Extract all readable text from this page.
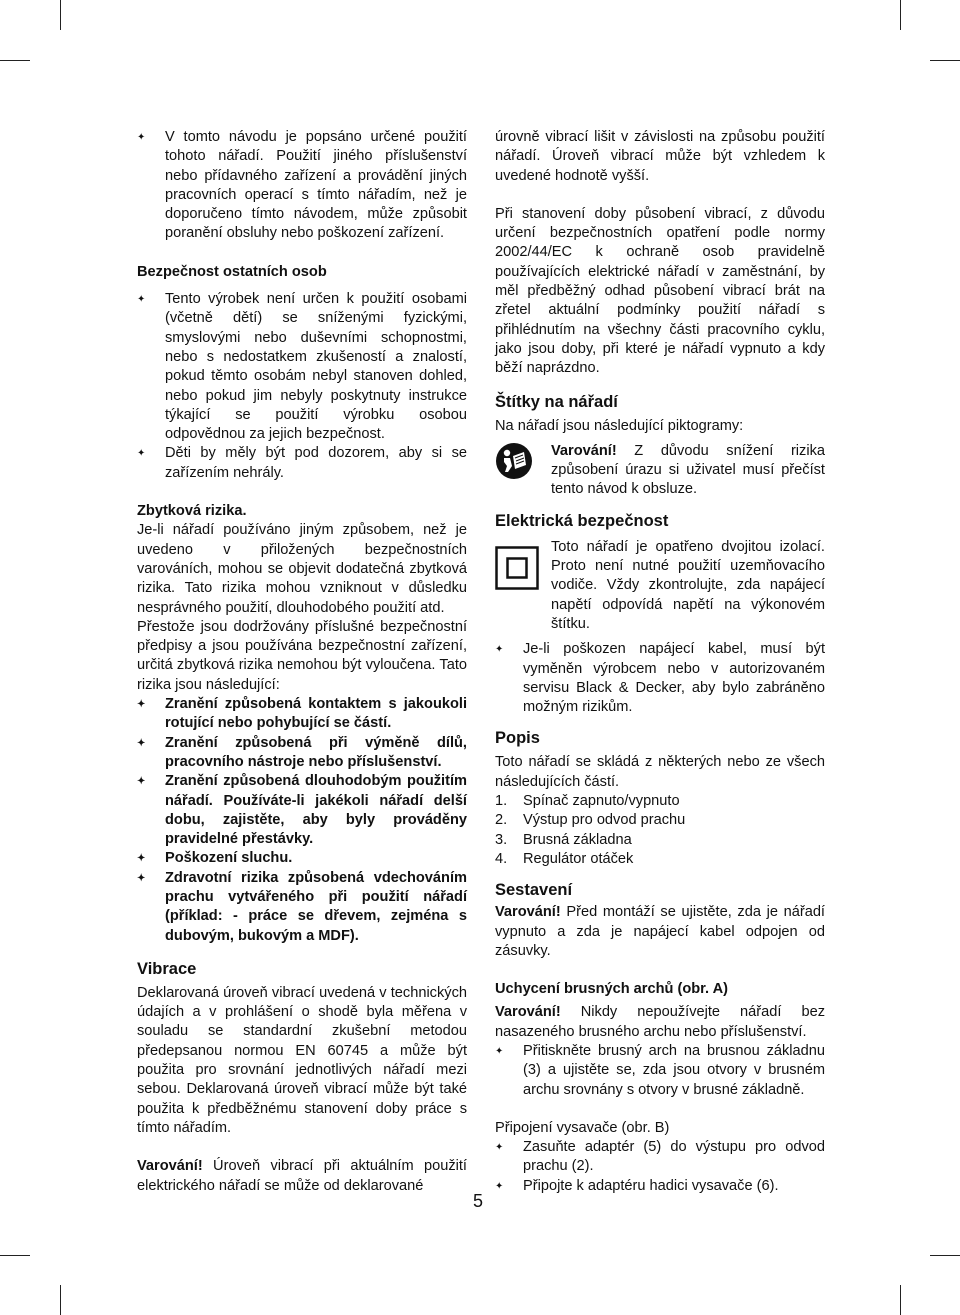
✦ V tomto návodu je popsáno určené použití tohoto nářadí. Použití jiného příslušenství nebo přídavného zařízení a provádění jiných pracovních operací s tímto nářadím, než je doporučeno tímto návodem, může způsobit poranění obsluhy nebo poškození zařízení.

Bezpečnost ostatních osob

✦ Tento výrobek není určen k použití osobami (včetně dětí) se sníženými fyzickými, smyslovými nebo duševními schopnostmi, nebo s nedostatkem zkušeností a znalostí, pokud těmto osobám nebyl stanoven dohled, nebo pokud jim nebyly poskytnuty instrukce týkající se použití výrobku osobou odpovědnou za jejich bezpečnost.
✦ Děti by měly být pod dozorem, aby si se zařízením nehrály.

Zbytková rizika.

Je-li nářadí používáno jiným způsobem, než je uvedeno v přiložených bezpečnostních varováních, mohou se objevit dodatečná zbytková rizika. Tato rizika mohou vzniknout v důsledku nesprávného použití, dlouhodobého použití atd.

Přestože jsou dodržovány příslušné bezpečnostní předpisy a jsou používána bezpečnostní zařízení, určitá zbytková rizika nemohou být vyloučena. Tato rizika jsou následující:

✦ Zranění způsobená kontaktem s jakoukoli rotující nebo pohybující se částí.
✦ Zranění způsobená při výměně dílů, pracovního nástroje nebo příslušenství.
✦ Zranění způsobená dlouhodobým použitím nářadí. Používáte-li jakékoli nářadí delší dobu, zajistěte, aby byly prováděny pravidelné přestávky.
✦ Poškození sluchu.
✦ Zdravotní rizika způsobená vdechováním prachu vytvářeného při použití nářadí (příklad: - práce se dřevem, zejména s dubovým, bukovým a MDF).

Vibrace

Deklarovaná úroveň vibrací uvedená v technických údajích a v prohlášení o shodě byla měřena v souladu se standardní zkušební metodou předepsanou normou EN 60745 a může být použita pro srovnání jednotlivých nářadí mezi sebou. Deklarovaná úroveň vibrací může být také použita k předběžnému stanovení doby práce s tímto nářadím.

Varování! Úroveň vibrací při aktuálním použití elektrického nářadí se může od deklarované

úrovně vibrací lišit v závislosti na způsobu použití nářadí. Úroveň vibrací může být vzhledem k uvedené hodnotě vyšší.

Při stanovení doby působení vibrací, z důvodu určení bezpečnostních opatření podle normy 2002/44/EC k ochraně osob pravidelně používajících elektrické nářadí v zaměstnání, by měl předběžný odhad působení vibrací brát na zřetel aktuální podmínky použití nářadí s přihlédnutím na všechny části pracovního cyklu, jako jsou doby, při které je nářadí vypnuto a kdy běží naprázdno.

Štítky na nářadí

Na nářadí jsou následující piktogramy:

Varování! Z důvodu snížení rizika způsobení úrazu si uživatel musí přečíst tento návod k obsluze.

Elektrická bezpečnost

Toto nářadí je opatřeno dvojitou izolací. Proto není nutné použití uzemňovacího vodiče. Vždy zkontrolujte, zda napájecí napětí odpovídá napětí na výkonovém štítku.

✦ Je-li poškozen napájecí kabel, musí být vyměněn výrobcem nebo v autorizovaném servisu Black & Decker, aby bylo zabráněno možným rizikům.

Popis

Toto nářadí se skládá z některých nebo ze všech následujících částí.

1. Spínač zapnuto/vypnuto
2. Výstup pro odvod prachu
3. Brusná základna
4. Regulátor otáček

Sestavení

Varování! Před montáží se ujistěte, zda je nářadí vypnuto a zda je napájecí kabel odpojen od zásuvky.

Uchycení brusných archů (obr. A)

Varování! Nikdy nepoužívejte nářadí bez nasazeného brusného archu nebo příslušenství.

✦ Přitiskněte brusný arch na brusnou základnu (3) a ujistěte se, zda jsou otvory v brusném archu srovnány s otvory v brusné základně.

Připojení vysavače (obr. B)

✦ Zasuňte adaptér (5) do výstupu pro odvod prachu (2).
✦ Připojte k adaptéru hadici vysavače (6).
5
